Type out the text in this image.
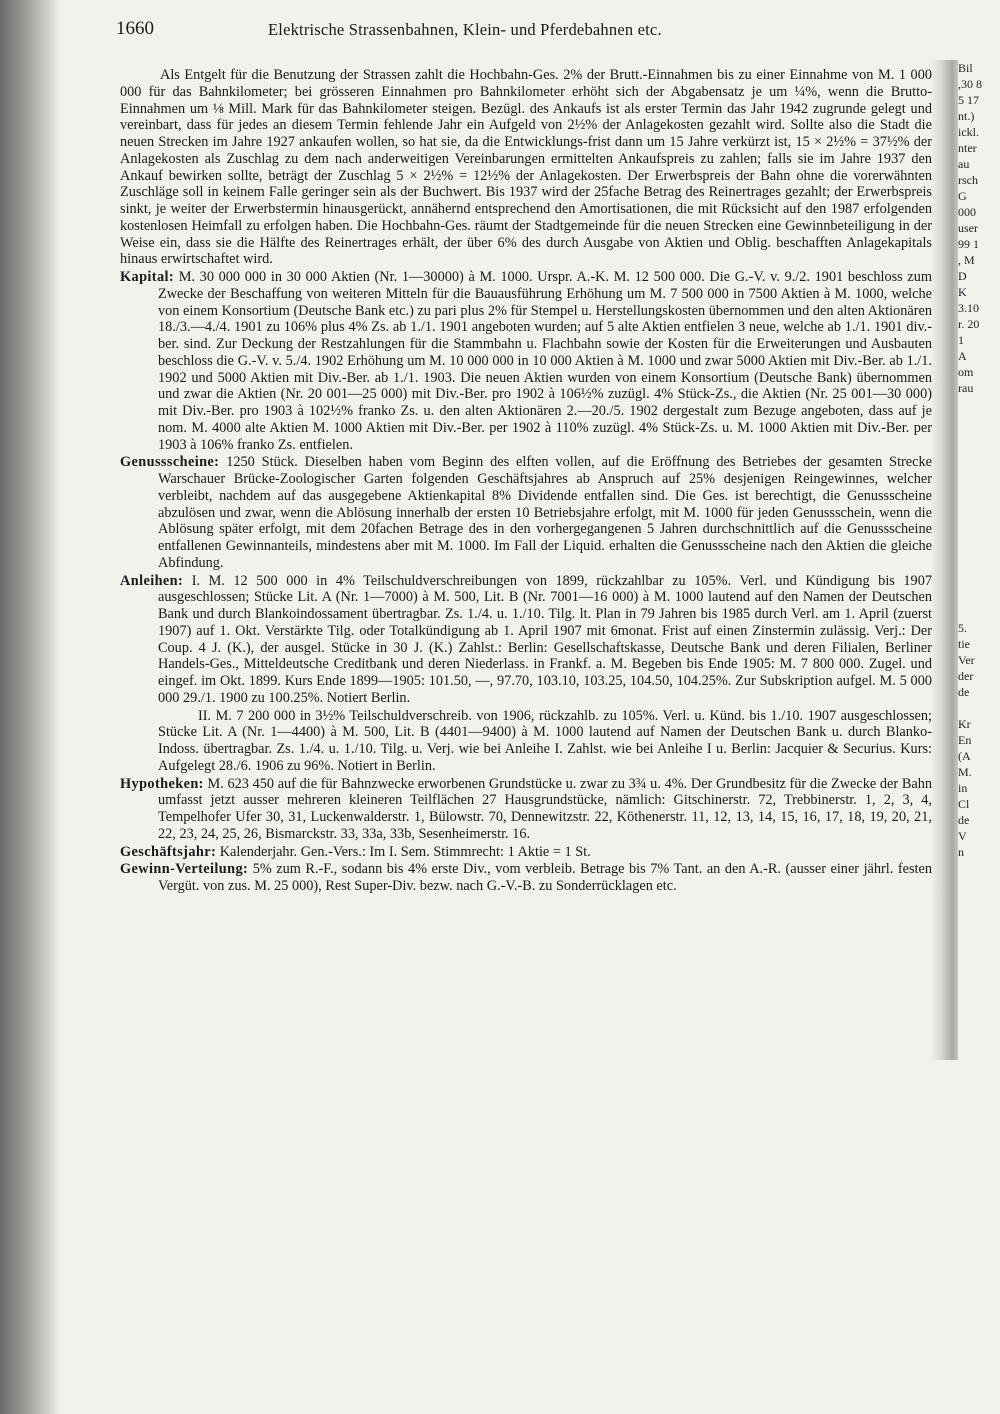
1660	Elektrische Strassenbahnen, Klein- und Pferdebahnen etc.

Als Entgelt für die Benutzung der Strassen zahlt die Hochbahn-Ges. 2% der Brutt.-Einnahmen bis zu einer Einnahme von M. 1 000 000 für das Bahnkilometer; bei grösseren Einnahmen pro Bahnkilometer erhöht sich der Abgabensatz je um ¼%, wenn die Brutto-Einnahmen um ⅛ Mill. Mark für das Bahnkilometer steigen. Bezügl. des Ankaufs ist als erster Termin das Jahr 1942 zugrunde gelegt und vereinbart, dass für jedes an diesem Termin fehlende Jahr ein Aufgeld von 2½% der Anlagekosten gezahlt wird. Sollte also die Stadt die neuen Strecken im Jahre 1927 ankaufen wollen, so hat sie, da die Entwicklungs-frist dann um 15 Jahre verkürzt ist, 15 × 2½% = 37½% der Anlagekosten als Zuschlag zu dem nach anderweitigen Vereinbarungen ermittelten Ankaufspreis zu zahlen; falls sie im Jahre 1937 den Ankauf bewirken sollte, beträgt der Zuschlag 5 × 2½% = 12½% der Anlagekosten. Der Erwerbspreis der Bahn ohne die vorerwähnten Zuschläge soll in keinem Falle geringer sein als der Buchwert. Bis 1937 wird der 25fache Betrag des Reinertrages gezahlt; der Erwerbspreis sinkt, je weiter der Erwerbstermin hinausgerückt, annähernd entsprechend den Amortisationen, die mit Rücksicht auf den 1987 erfolgenden kostenlosen Heimfall zu erfolgen haben. Die Hochbahn-Ges. räumt der Stadtgemeinde für die neuen Strecken eine Gewinnbeteiligung in der Weise ein, dass sie die Hälfte des Reinertrages erhält, der über 6% des durch Ausgabe von Aktien und Oblig. beschafften Anlagekapitals hinaus erwirtschaftet wird.

Kapital: M. 30 000 000 in 30 000 Aktien (Nr. 1—30000) à M. 1000. Urspr. A.-K. M. 12 500 000. Die G.-V. v. 9./2. 1901 beschloss zum Zwecke der Beschaffung von weiteren Mitteln für die Bauausführung Erhöhung um M. 7 500 000 in 7500 Aktien à M. 1000, welche von einem Konsortium (Deutsche Bank etc.) zu pari plus 2% für Stempel u. Herstellungskosten übernommen und den alten Aktionären 18./3.—4./4. 1901 zu 106% plus 4% Zs. ab 1./1. 1901 angeboten wurden; auf 5 alte Aktien entfielen 3 neue, welche ab 1./1. 1901 div.-ber. sind. Zur Deckung der Restzahlungen für die Stammbahn u. Flachbahn sowie der Kosten für die Erweiterungen und Ausbauten beschloss die G.-V. v. 5./4. 1902 Erhöhung um M. 10 000 000 in 10 000 Aktien à M. 1000 und zwar 5000 Aktien mit Div.-Ber. ab 1./1. 1902 und 5000 Aktien mit Div.-Ber. ab 1./1. 1903. Die neuen Aktien wurden von einem Konsortium (Deutsche Bank) übernommen und zwar die Aktien (Nr. 20 001—25 000) mit Div.-Ber. pro 1902 à 106½% zuzügl. 4% Stück-Zs., die Aktien (Nr. 25 001—30 000) mit Div.-Ber. pro 1903 à 102½% franko Zs. u. den alten Aktionären 2.—20./5. 1902 dergestalt zum Bezuge angeboten, dass auf je nom. M. 4000 alte Aktien M. 1000 Aktien mit Div.-Ber. per 1902 à 110% zuzügl. 4% Stück-Zs. u. M. 1000 Aktien mit Div.-Ber. per 1903 à 106% franko Zs. entfielen.

Genussscheine: 1250 Stück. Dieselben haben vom Beginn des elften vollen, auf die Eröffnung des Betriebes der gesamten Strecke Warschauer Brücke-Zoologischer Garten folgenden Geschäftsjahres ab Anspruch auf 25% desjenigen Reingewinnes, welcher verbleibt, nachdem auf das ausgegebene Aktienkapital 8% Dividende entfallen sind. Die Ges. ist berechtigt, die Genussscheine abzulösen und zwar, wenn die Ablösung innerhalb der ersten 10 Betriebsjahre erfolgt, mit M. 1000 für jeden Genussschein, wenn die Ablösung später erfolgt, mit dem 20fachen Betrage des in den vorhergegangenen 5 Jahren durchschnittlich auf die Genussscheine entfallenen Gewinnanteils, mindestens aber mit M. 1000. Im Fall der Liquid. erhalten die Genussscheine nach den Aktien die gleiche Abfindung.

Anleihen: I. M. 12 500 000 in 4% Teilschuldverschreibungen von 1899, rückzahlbar zu 105%. Verl. und Kündigung bis 1907 ausgeschlossen; Stücke Lit. A (Nr. 1—7000) à M. 500, Lit. B (Nr. 7001—16 000) à M. 1000 lautend auf den Namen der Deutschen Bank und durch Blankoindossament übertragbar. Zs. 1./4. u. 1./10. Tilg. lt. Plan in 79 Jahren bis 1985 durch Verl. am 1. April (zuerst 1907) auf 1. Okt. Verstärkte Tilg. oder Totalkündigung ab 1. April 1907 mit 6monat. Frist auf einen Zinstermin zulässig. Verj.: Der Coup. 4 J. (K.), der ausgel. Stücke in 30 J. (K.) Zahlst.: Berlin: Gesellschaftskasse, Deutsche Bank und deren Filialen, Berliner Handels-Ges., Mitteldeutsche Creditbank und deren Niederlass. in Frankf. a. M. Begeben bis Ende 1905: M. 7 800 000. Zugel. und eingef. im Okt. 1899. Kurs Ende 1899—1905: 101.50, —, 97.70, 103.10, 103.25, 104.50, 104.25%. Zur Subskription aufgel. M. 5 000 000 29./1. 1900 zu 100.25%. Notiert Berlin.

II. M. 7 200 000 in 3½% Teilschuldverschreib. von 1906, rückzahlb. zu 105%. Verl. u. Künd. bis 1./10. 1907 ausgeschlossen; Stücke Lit. A (Nr. 1—4400) à M. 500, Lit. B (4401—9400) à M. 1000 lautend auf Namen der Deutschen Bank u. durch Blanko-Indoss. übertragbar. Zs. 1./4. u. 1./10. Tilg. u. Verj. wie bei Anleihe I. Zahlst. wie bei Anleihe I u. Berlin: Jacquier & Securius. Kurs: Aufgelegt 28./6. 1906 zu 96%. Notiert in Berlin.

Hypotheken: M. 623 450 auf die für Bahnzwecke erworbenen Grundstücke u. zwar zu 3¾ u. 4%. Der Grundbesitz für die Zwecke der Bahn umfasst jetzt ausser mehreren kleineren Teilflächen 27 Hausgrundstücke, nämlich: Gitschinerstr. 72, Trebbinerstr. 1, 2, 3, 4, Tempelhofer Ufer 30, 31, Luckenwalderstr. 1, Bülowstr. 70, Dennewitzstr. 22, Köthenerstr. 11, 12, 13, 14, 15, 16, 17, 18, 19, 20, 21, 22, 23, 24, 25, 26, Bismarckstr. 33, 33a, 33b, Sesenheimerstr. 16.

Geschäftsjahr: Kalenderjahr. Gen.-Vers.: Im I. Sem. Stimmrecht: 1 Aktie = 1 St.

Gewinn-Verteilung: 5% zum R.-F., sodann bis 4% erste Div., vom verbleib. Betrage bis 7% Tant. an den A.-R. (ausser einer jährl. festen Vergüt. von zus. M. 25 000), Rest Super-Div. bezw. nach G.-V.-B. zu Sonderrücklagen etc.

Bil
,30 8
5 17
nt.)
ickl.
nter
au
rsch
G
000
user
99 1
, M
D
K
3.10
r. 20
1
A
om
rau
5.
tie
Ver
der
de
Kr
En
(A
M.
in
Cl
de
V
n
